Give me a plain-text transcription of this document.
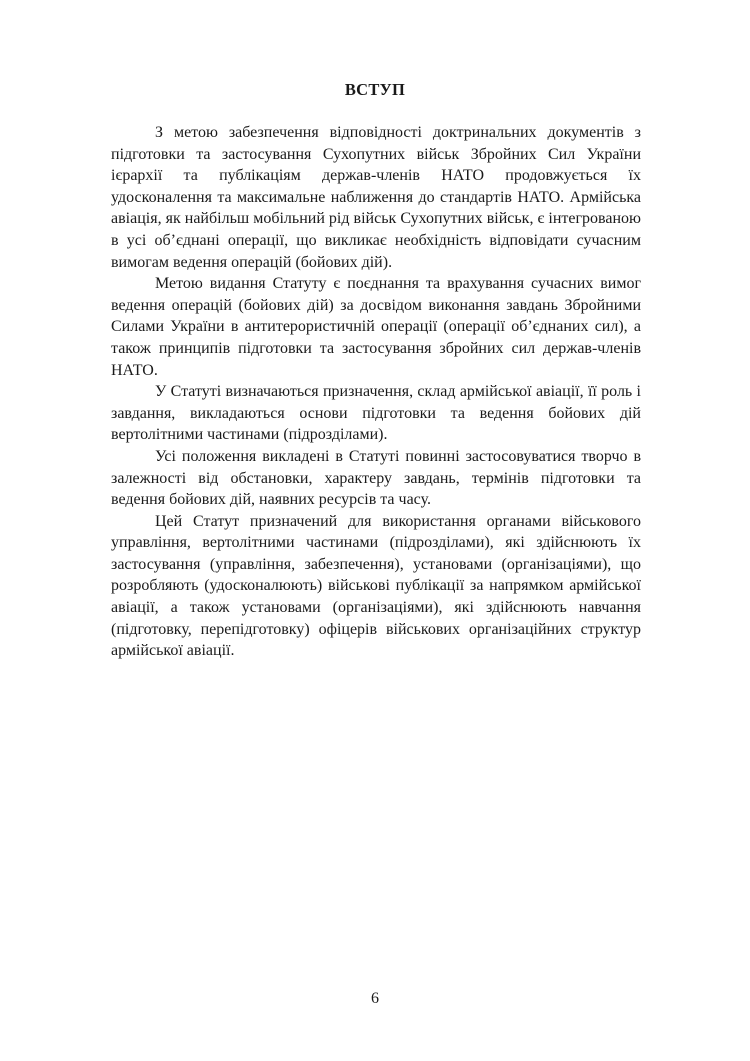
ВСТУП

З метою забезпечення відповідності доктринальних документів з підготовки та застосування Сухопутних військ Збройних Сил України ієрархії та публікаціям держав-членів НАТО продовжується їх удосконалення та максимальне наближення до стандартів НАТО. Армійська авіація, як найбільш мобільний рід військ Сухопутних військ, є інтегрованою в усі об’єднані операції, що викликає необхідність відповідати сучасним вимогам ведення операцій (бойових дій).

Метою видання Статуту є поєднання та врахування сучасних вимог ведення операцій (бойових дій) за досвідом виконання завдань Збройними Силами України в антитерористичній операції (операції об’єднаних сил), а також принципів підготовки та застосування збройних сил держав-членів НАТО.

У Статуті визначаються призначення, склад армійської авіації, її роль і завдання, викладаються основи підготовки та ведення бойових дій вертолітними частинами (підрозділами).

Усі положення викладені в Статуті повинні застосовуватися творчо в залежності від обстановки, характеру завдань, термінів підготовки та ведення бойових дій, наявних ресурсів та часу.

Цей Статут призначений для використання органами військового управління, вертолітними частинами (підрозділами), які здійснюють їх застосування (управління, забезпечення), установами (організаціями), що розробляють (удосконалюють) військові публікації за напрямком армійської авіації, а також установами (організаціями), які здійснюють навчання (підготовку, перепідготовку) офіцерів військових організаційних структур армійської авіації.

6
